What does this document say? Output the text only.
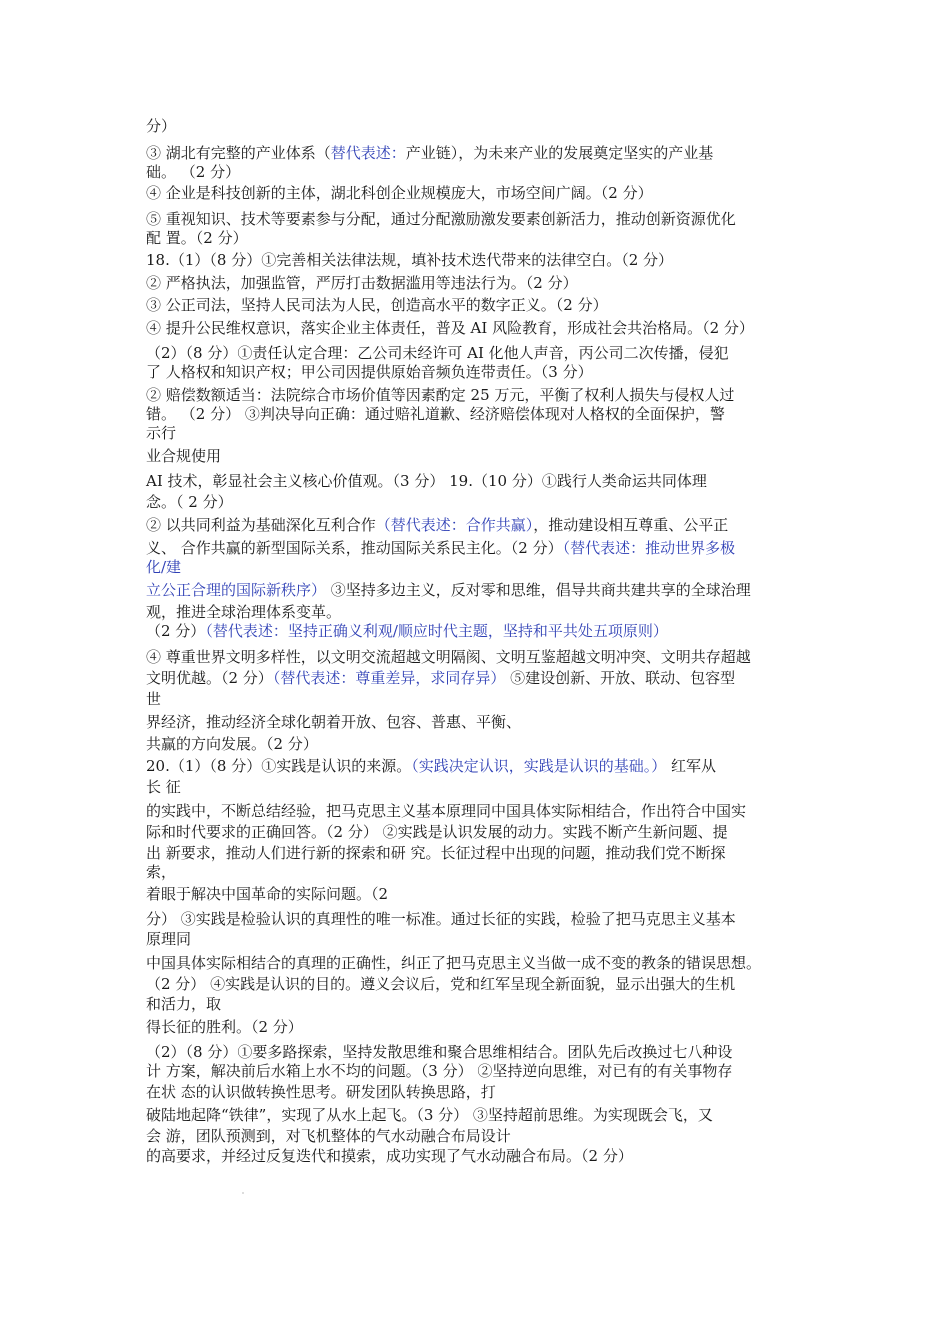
分）

③ 湖北有完整的产业体系（替代表述：产业链），为未来产业的发展奠定坚实的产业基

础。 （2 分）

④ 企业是科技创新的主体，湖北科创企业规模庞大，市场空间广阔。（2 分）

⑤ 重视知识、技术等要素参与分配，通过分配激励激发要素创新活力，推动创新资源优化

配 置。（2 分）

18.（1）（8 分）①完善相关法律法规，填补技术迭代带来的法律空白。（2 分）

② 严格执法，加强监管，严厉打击数据滥用等违法行为。（2 分）

③ 公正司法，坚持人民司法为人民，创造高水平的数字正义。（2 分）

④ 提升公民维权意识，落实企业主体责任，普及 AI 风险教育，形成社会共治格局。（2 分）

（2）（8 分）①责任认定合理：乙公司未经许可 AI 化他人声音，丙公司二次传播，侵犯

了 人格权和知识产权；甲公司因提供原始音频负连带责任。（3 分）

② 赔偿数额适当：法院综合市场价值等因素酌定 25 万元，平衡了权利人损失与侵权人过

错。 （2 分） ③判决导向正确：通过赔礼道歉、经济赔偿体现对人格权的全面保护，警

示行

业合规使用

AI 技术，彰显社会主义核心价值观。（3 分） 19.（10 分）①践行人类命运共同体理

念。（ 2 分）

② 以共同利益为基础深化互利合作（替代表述：合作共赢），推动建设相互尊重、公平正

义、 合作共赢的新型国际关系，推动国际关系民主化。（2 分）（替代表述：推动世界多极

化/建

立公正合理的国际新秩序） ③坚持多边主义，反对零和思维，倡导共商共建共享的全球治理

观，推进全球治理体系变革。

（2 分）（替代表述：坚持正确义利观/顺应时代主题，坚持和平共处五项原则）

④ 尊重世界文明多样性，以文明交流超越文明隔阂、文明互鉴超越文明冲突、文明共存超越

文明优越。（2 分）（替代表述：尊重差异，求同存异） ⑤建设创新、开放、联动、包容型

世

界经济，推动经济全球化朝着开放、包容、普惠、平衡、

共赢的方向发展。（2 分）

20.（1）（8 分）①实践是认识的来源。（实践决定认识，实践是认识的基础。） 红军从

长 征

的实践中，不断总结经验，把马克思主义基本原理同中国具体实际相结合，作出符合中国实

际和时代要求的正确回答。（2 分） ②实践是认识发展的动力。实践不断产生新问题、提

出 新要求，推动人们进行新的探索和研 究。长征过程中出现的问题，推动我们党不断探

索，

着眼于解决中国革命的实际问题。（2

分） ③实践是检验认识的真理性的唯一标准。通过长征的实践，检验了把马克思主义基本

原理同

中国具体实际相结合的真理的正确性，纠正了把马克思主义当做一成不变的教条的错误思想。

（2 分） ④实践是认识的目的。遵义会议后，党和红军呈现全新面貌，显示出强大的生机

和活力，取

得长征的胜利。（2 分）

（2）（8 分）①要多路探索，坚持发散思维和聚合思维相结合。团队先后改换过七八种设

计 方案，解决前后水箱上水不均的问题。（3 分） ②坚持逆向思维，对已有的有关事物存

在状 态的认识做转换性思考。研发团队转换思路，打

破陆地起降“铁律”，实现了从水上起飞。（3 分） ③坚持超前思维。为实现既会飞，又

会 游，团队预测到，对飞机整体的气水动融合布局设计

的高要求，并经过反复迭代和摸索，成功实现了气水动融合布局。（2 分）
